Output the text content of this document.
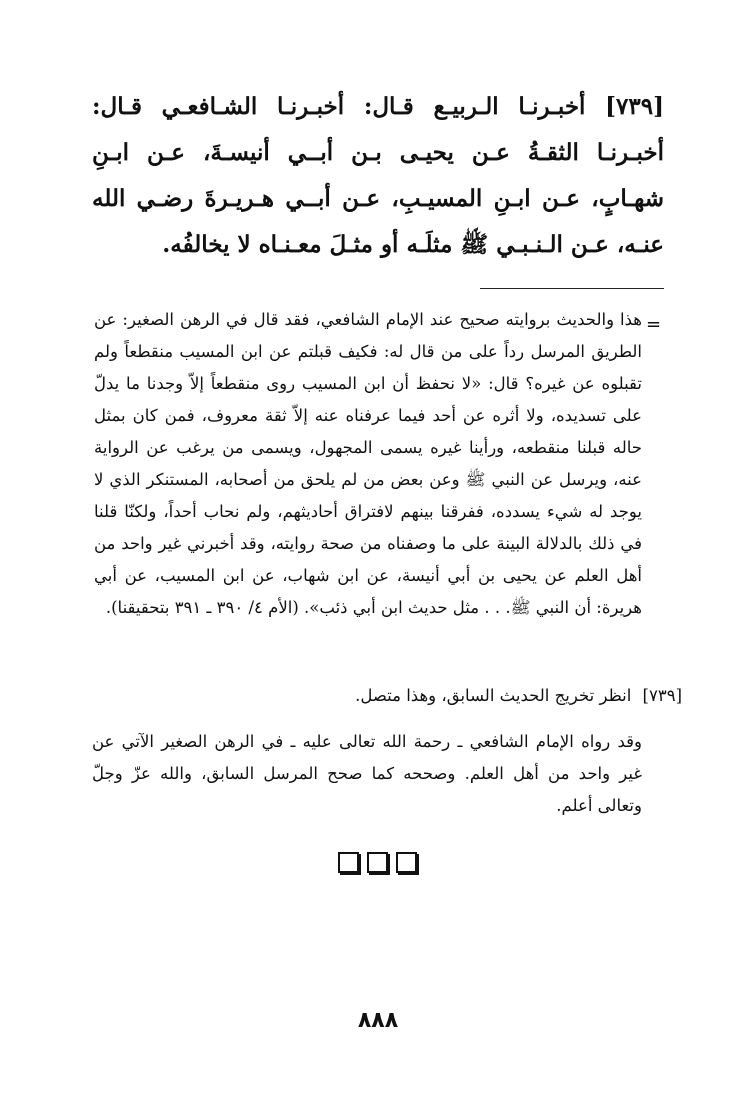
[٧٣٩] أخبـرنـا الـربيـع قـال: أخبـرنـا الشـافعـي قـال: أخبـرنـا الثقـةُ عـن يحيـى بـن أبــي أنيسـةَ، عـن ابـنِ شهـابٍ، عـن ابـنِ المسيـبِ، عـن أبــي هـريـرةَ رضـي الله عنـه، عـن الـنـبـي ﷺ مثلَـه أو مثـلَ معـنـاه لا يخالفُه.
=
هذا والحديث بروايته صحيح عند الإمام الشافعي، فقد قال في الرهن الصغير: عن الطريق المرسل رداً على من قال له: فكيف قبلتم عن ابن المسيب منقطعاً ولم تقبلوه عن غيره؟ قال: «لا نحفظ أن ابن المسيب روى منقطعاً إلاّ وجدنا ما يدلّ على تسديده، ولا أثره عن أحد فيما عرفناه عنه إلاّ ثقة معروف، فمن كان بمثل حاله قبلنا منقطعه، ورأينا غيره يسمى المجهول، ويسمى من يرغب عن الرواية عنه، ويرسل عن النبي ﷺ وعن بعض من لم يلحق من أصحابه، المستنكر الذي لا يوجد له شيء يسدده، ففرقنا بينهم لافتراق أحاديثهم، ولم نحاب أحداً، ولكنّا قلنا في ذلك بالدلالة البينة على ما وصفناه من صحة روايته، وقد أخبرني غير واحد من أهل العلم عن يحيى بن أبي أنيسة، عن ابن شهاب، عن ابن المسيب، عن أبي هريرة: أن النبي ﷺ. . . مثل حديث ابن أبي ذئب». (الأم ٤/ ٣٩٠ ـ ٣٩١ بتحقيقنا).
[٧٣٩] انظر تخريج الحديث السابق، وهذا متصل.
وقد رواه الإمام الشافعي ـ رحمة الله تعالى عليه ـ في الرهن الصغير الآتي عن غير واحد من أهل العلم. وصححه كما صحح المرسل السابق، والله عزّ وجلّ وتعالى أعلم.
٨٨٨
